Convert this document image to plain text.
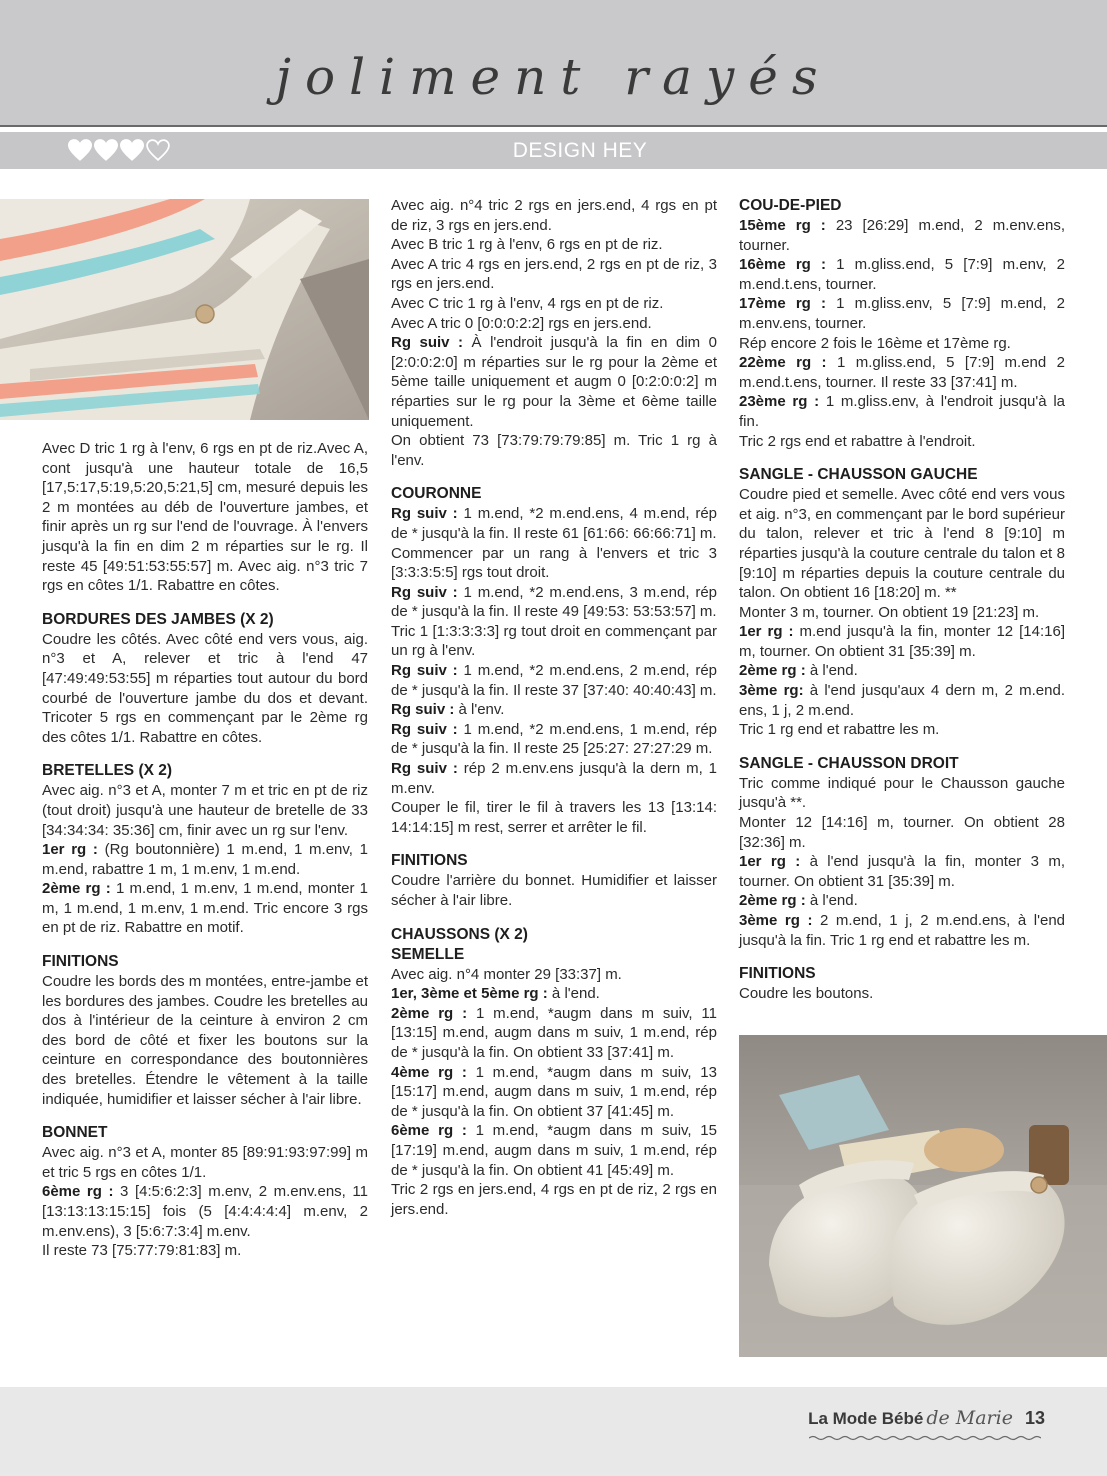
joliment rayés
DESIGN HEY

Avec D tric 1 rg à l'env, 6 rgs en pt de riz.Avec A, cont jusqu'à une hauteur totale de 16,5 [17,5:17,5:19,5:20,5:21,5] cm, mesuré depuis les 2 m montées au déb de l'ouverture jambes, et finir après un rg sur l'end de l'ouvrage. À l'envers jusqu'à la fin en dim 2 m réparties sur le rg. Il reste 45 [49:51:53:55:57] m. Avec aig. n°3 tric 7 rgs en côtes 1/1. Rabattre en côtes.

BORDURES DES JAMBES (X 2)

Coudre les côtés. Avec côté end vers vous, aig. n°3 et A, relever et tric à l'end 47 [47:49:49:53:55] m réparties tout autour du bord courbé de l'ouverture jambe du dos et devant. Tricoter 5 rgs en commençant par le 2ème rg des côtes 1/1. Rabattre en côtes.

BRETELLES (X 2)

Avec aig. n°3 et A, monter 7 m et tric en pt de riz (tout droit) jusqu'à une hauteur de bretelle de 33 [34:34:34: 35:36] cm, finir avec un rg sur l'env.

1er rg : (Rg boutonnière) 1 m.end, 1 m.env, 1 m.end, rabattre 1 m, 1 m.env, 1 m.end.

2ème rg : 1 m.end, 1 m.env, 1 m.end, monter 1 m, 1 m.end, 1 m.env, 1 m.end. Tric encore 3 rgs en pt de riz. Rabattre en motif.

FINITIONS

Coudre les bords des m montées, entre-jambe et les bordures des jambes. Coudre les bretelles au dos à l'intérieur de la ceinture à environ 2 cm des bord de côté et fixer les boutons sur la ceinture en correspondance des boutonnières des bretelles. Étendre le vêtement à la taille indiquée, humidifier et laisser sécher à l'air libre.

BONNET

Avec aig. n°3 et A, monter 85 [89:91:93:97:99] m et tric 5 rgs en côtes 1/1.

6ème rg : 3 [4:5:6:2:3] m.env, 2 m.env.ens, 11 [13:13:13:15:15] fois (5 [4:4:4:4:4] m.env, 2 m.env.ens), 3 [5:6:7:3:4] m.env.

Il reste 73 [75:77:79:81:83] m.

Avec aig. n°4 tric 2 rgs en jers.end, 4 rgs en pt de riz, 3 rgs en jers.end.

Avec B tric 1 rg à l'env, 6 rgs en pt de riz.

Avec A tric 4 rgs en jers.end, 2 rgs en pt de riz, 3 rgs en jers.end.

Avec C tric 1 rg à l'env, 4 rgs en pt de riz.

Avec A tric 0 [0:0:0:2:2] rgs en jers.end.

Rg suiv : À l'endroit jusqu'à la fin en dim 0 [2:0:0:2:0] m réparties sur le rg pour la 2ème et 5ème taille uniquement et augm 0 [0:2:0:0:2] m réparties sur le rg pour la 3ème et 6ème taille uniquement.

On obtient 73 [73:79:79:79:85] m. Tric 1 rg à l'env.

COURONNE

Rg suiv : 1 m.end, *2 m.end.ens, 4 m.end, rép de * jusqu'à la fin. Il reste 61 [61:66: 66:66:71] m.

Commencer par un rang à l'envers et tric 3 [3:3:3:5:5] rgs tout droit.

Rg suiv : 1 m.end, *2 m.end.ens, 3 m.end, rép de * jusqu'à la fin. Il reste 49 [49:53: 53:53:57] m.

Tric 1 [1:3:3:3:3] rg tout droit en commençant par un rg à l'env.

Rg suiv : 1 m.end, *2 m.end.ens, 2 m.end, rép de * jusqu'à la fin. Il reste 37 [37:40: 40:40:43] m.

Rg suiv : à l'env.

Rg suiv : 1 m.end, *2 m.end.ens, 1 m.end, rép de * jusqu'à la fin. Il reste 25 [25:27: 27:27:29 m.

Rg suiv : rép 2 m.env.ens jusqu'à la dern m, 1 m.env.

Couper le fil, tirer le fil à travers les 13 [13:14: 14:14:15] m rest, serrer et arrêter le fil.

FINITIONS

Coudre l'arrière du bonnet. Humidifier et laisser sécher à l'air libre.

CHAUSSONS (X 2)
SEMELLE

Avec aig. n°4 monter 29 [33:37] m.

1er, 3ème et 5ème rg : à l'end.

2ème rg : 1 m.end, *augm dans m suiv, 11 [13:15] m.end, augm dans m suiv, 1 m.end, rép de * jusqu'à la fin. On obtient 33 [37:41] m.

4ème rg : 1 m.end, *augm dans m suiv, 13 [15:17] m.end, augm dans m suiv, 1 m.end, rép de * jusqu'à la fin. On obtient 37 [41:45] m.

6ème rg : 1 m.end, *augm dans m suiv, 15 [17:19] m.end, augm dans m suiv, 1 m.end, rép de * jusqu'à la fin. On obtient 41 [45:49] m.

Tric 2 rgs en jers.end, 4 rgs en pt de riz, 2 rgs en jers.end.

COU-DE-PIED

15ème rg : 23 [26:29] m.end, 2 m.env.ens, tourner.

16ème rg : 1 m.gliss.end, 5 [7:9] m.env, 2 m.end.t.ens, tourner.

17ème rg : 1 m.gliss.env, 5 [7:9] m.end, 2 m.env.ens, tourner.

Rép encore 2 fois le 16ème et 17ème rg.

22ème rg : 1 m.gliss.end, 5 [7:9] m.end 2 m.end.t.ens, tourner. Il reste 33 [37:41] m.

23ème rg : 1 m.gliss.env, à l'endroit jusqu'à la fin.

Tric 2 rgs end et rabattre à l'endroit.

SANGLE - CHAUSSON GAUCHE

Coudre pied et semelle. Avec côté end vers vous et aig. n°3, en commençant par le bord supérieur du talon, relever et tric à l'end 8 [9:10] m réparties jusqu'à la couture centrale du talon et 8 [9:10] m réparties depuis la couture centrale du talon. On obtient 16 [18:20] m. **

Monter 3 m, tourner. On obtient 19 [21:23] m.

1er rg : m.end jusqu'à la fin, monter 12 [14:16] m, tourner. On obtient 31 [35:39] m.

2ème rg : à l'end.

3ème rg: à l'end jusqu'aux 4 dern m, 2 m.end. ens, 1 j, 2 m.end.

Tric 1 rg end et rabattre les m.

SANGLE - CHAUSSON DROIT

Tric comme indiqué pour le Chausson gauche jusqu'à **.

Monter 12 [14:16] m, tourner. On obtient 28 [32:36] m.

1er rg : à l'end jusqu'à la fin, monter 3 m, tourner. On obtient 31 [35:39] m.

2ème rg : à l'end.

3ème rg : 2 m.end, 1 j, 2 m.end.ens, à l'end jusqu'à la fin. Tric 1 rg end et rabattre les m.

FINITIONS

Coudre les boutons.

La Mode Bébé de Marie 13
